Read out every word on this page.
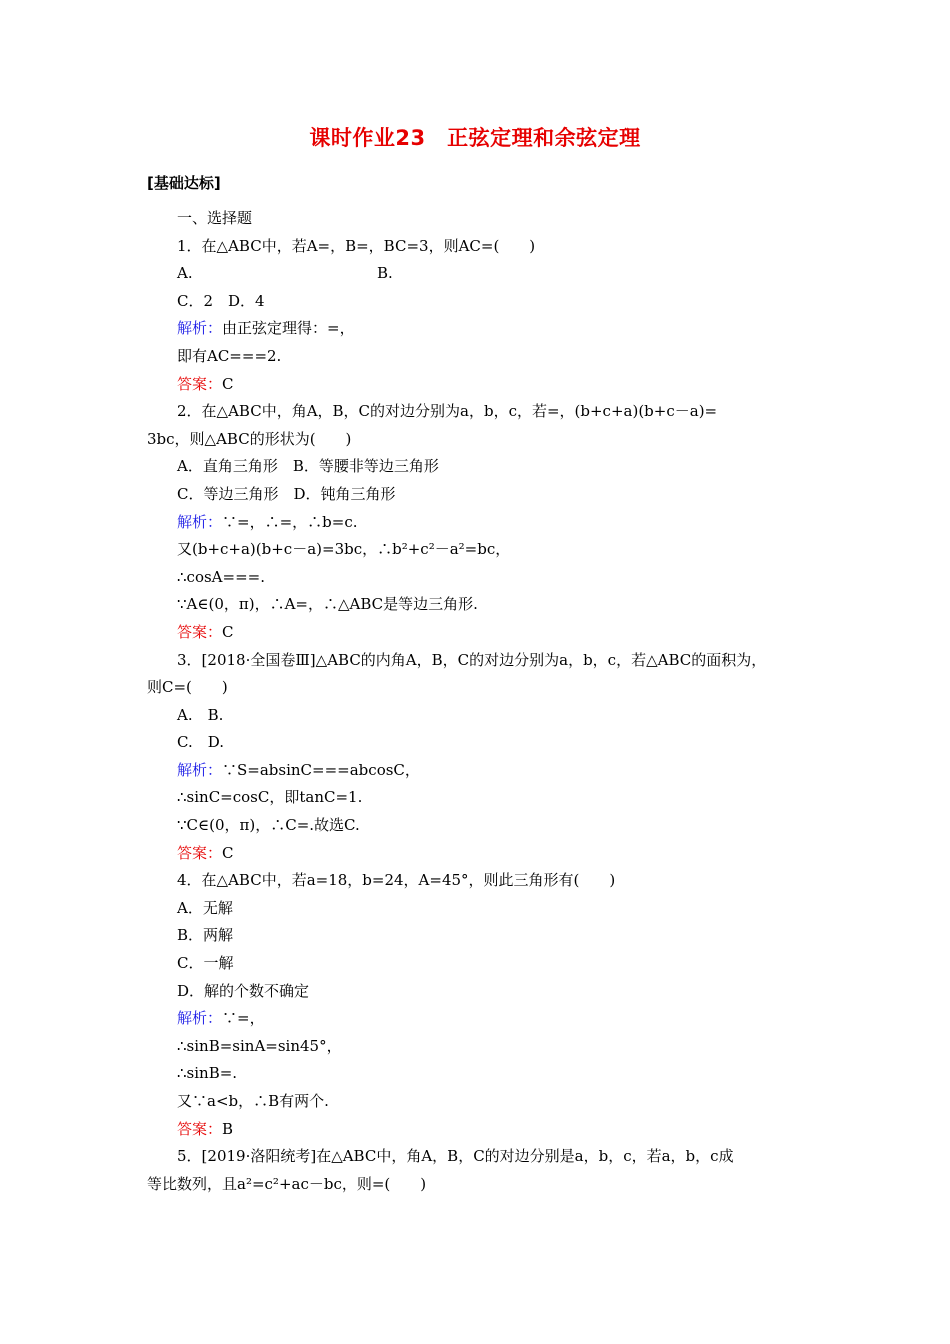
课时作业23　正弦定理和余弦定理
[基础达标]
一、选择题
1．在△ABC中，若A=，B=，BC=3，则AC=(　　)
A.	B.
C．2　D．4
解析：由正弦定理得：=，
即有AC===2.
答案：C
2．在△ABC中，角A，B，C的对边分别为a，b，c，若=，(b+c+a)(b+c－a)=
3bc，则△ABC的形状为(　　)
A．直角三角形　B．等腰非等边三角形
C．等边三角形　D．钝角三角形
解析：∵=，∴=，∴b=c.
又(b+c+a)(b+c－a)=3bc，∴b²+c²－a²=bc，
∴cosA===.
∵A∈(0，π)，∴A=，∴△ABC是等边三角形.
答案：C
3．[2018·全国卷Ⅲ]△ABC的内角A，B，C的对边分别为a，b，c，若△ABC的面积为，
则C=(　　)
A.　B.
C.　D.
解析：∵S=absinC===abcosC，
∴sinC=cosC，即tanC=1.
∵C∈(0，π)，∴C=.故选C.
答案：C
4．在△ABC中，若a=18，b=24，A=45°，则此三角形有(　　)
A．无解
B．两解
C．一解
D．解的个数不确定
解析：∵=，
∴sinB=sinA=sin45°，
∴sinB=.
又∵a<b，∴B有两个.
答案：B
5．[2019·洛阳统考]在△ABC中，角A，B，C的对边分别是a，b，c，若a，b，c成
等比数列，且a²=c²+ac－bc，则=(　　)
